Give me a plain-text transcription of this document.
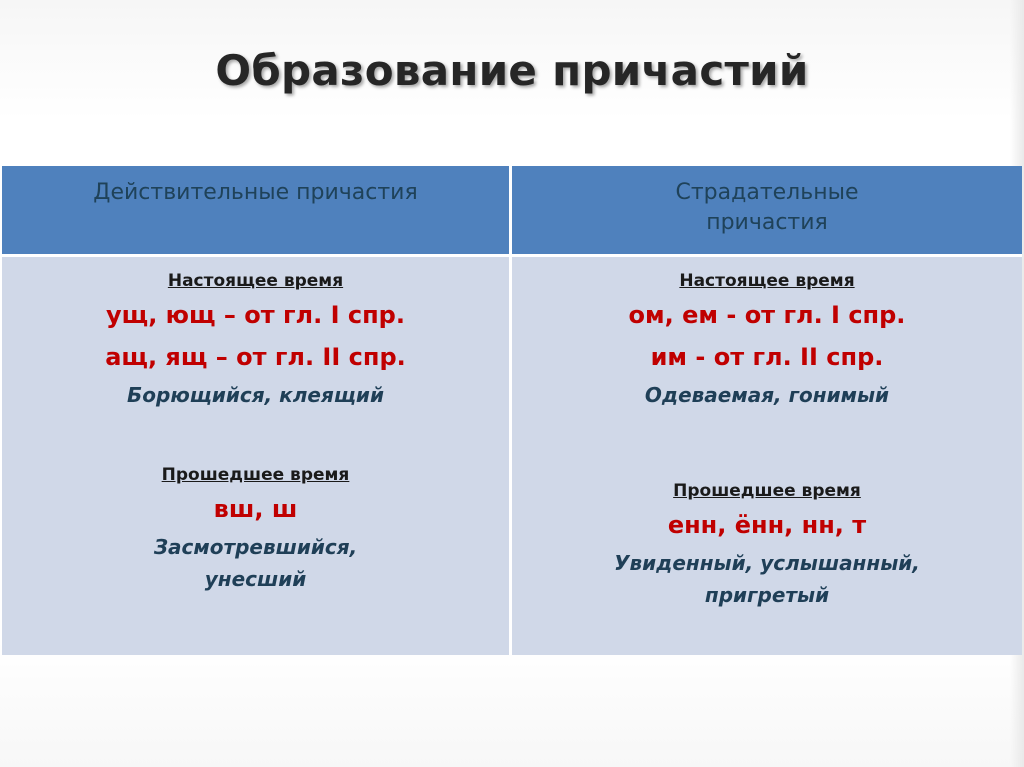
Образование причастий
Действительные причастия	Страдательные
причастия
Настоящее время
ущ, ющ – от гл. I спр.
ащ, ящ – от гл. II спр.
Борющийся, клеящий
Прошедшее время
вш, ш
Засмотревшийся,
унесший
Настоящее время
ом, ем - от гл. I спр.
им - от гл. II спр.
Одеваемая, гонимый
Прошедшее время
енн, ённ, нн, т
Увиденный, услышанный,
пригретый
